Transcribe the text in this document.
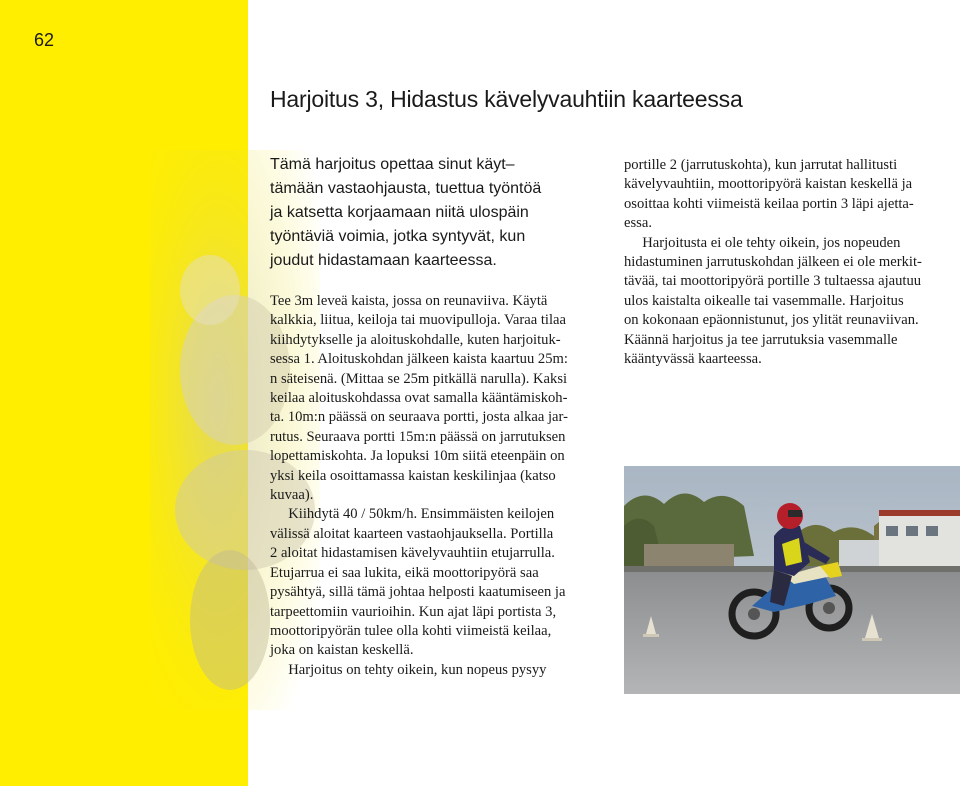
62
Harjoitus 3, Hidastus kävelyvauhtiin kaarteessa
Tämä harjoitus opettaa sinut käyt–
tämään vastaohjausta, tuettua työntöä
ja katsetta korjaamaan niitä ulospäin
työntäviä voimia, jotka syntyvät, kun
joudut hidastamaan kaarteessa.
Tee 3m leveä kaista, jossa on reunaviiva. Käytä
kalkkia, liitua, keiloja tai muovipulloja. Varaa tilaa
kiihdytykselle ja aloituskohdalle, kuten harjoituk-
sessa 1. Aloituskohdan jälkeen kaista kaartuu 25m:
n säteisenä. (Mittaa se 25m pitkällä narulla). Kaksi
keilaa aloituskohdassa ovat samalla kääntämiskoh-
ta. 10m:n päässä on seuraava portti, josta alkaa jar-
rutus. Seuraava portti 15m:n päässä on jarrutuksen
lopettamiskohta. Ja lopuksi 10m siitä eteenpäin on
yksi keila osoittamassa kaistan keskilinjaa (katso
kuvaa).
Kiihdytä 40 / 50km/h. Ensimmäisten keilojen
välissä aloitat kaarteen vastaohjauksella. Portilla
2 aloitat hidastamisen kävelyvauhtiin etujarrulla.
Etujarrua ei saa lukita, eikä moottoripyörä saa
pysähtyä, sillä tämä johtaa helposti kaatumiseen ja
tarpeettomiin vaurioihin. Kun ajat läpi portista 3,
moottoripyörän tulee olla kohti viimeistä keilaa,
joka on kaistan keskellä.
Harjoitus on tehty oikein, kun nopeus pysyy
portille 2 (jarrutuskohta), kun jarrutat hallitusti
kävelyvauhtiin, moottoripyörä kaistan keskellä ja
osoittaa kohti viimeistä keilaa portin 3 läpi ajetta-
essa.
Harjoitusta ei ole tehty oikein, jos nopeuden
hidastuminen jarrutuskohdan jälkeen ei ole merkit-
tävää, tai moottoripyörä portille 3 tultaessa ajautuu
ulos kaistalta oikealle tai vasemmalle. Harjoitus
on kokonaan epäonnistunut, jos ylität reunaviivan.
Käännä harjoitus ja tee jarrutuksia vasemmalle
kääntyvässä kaarteessa.
